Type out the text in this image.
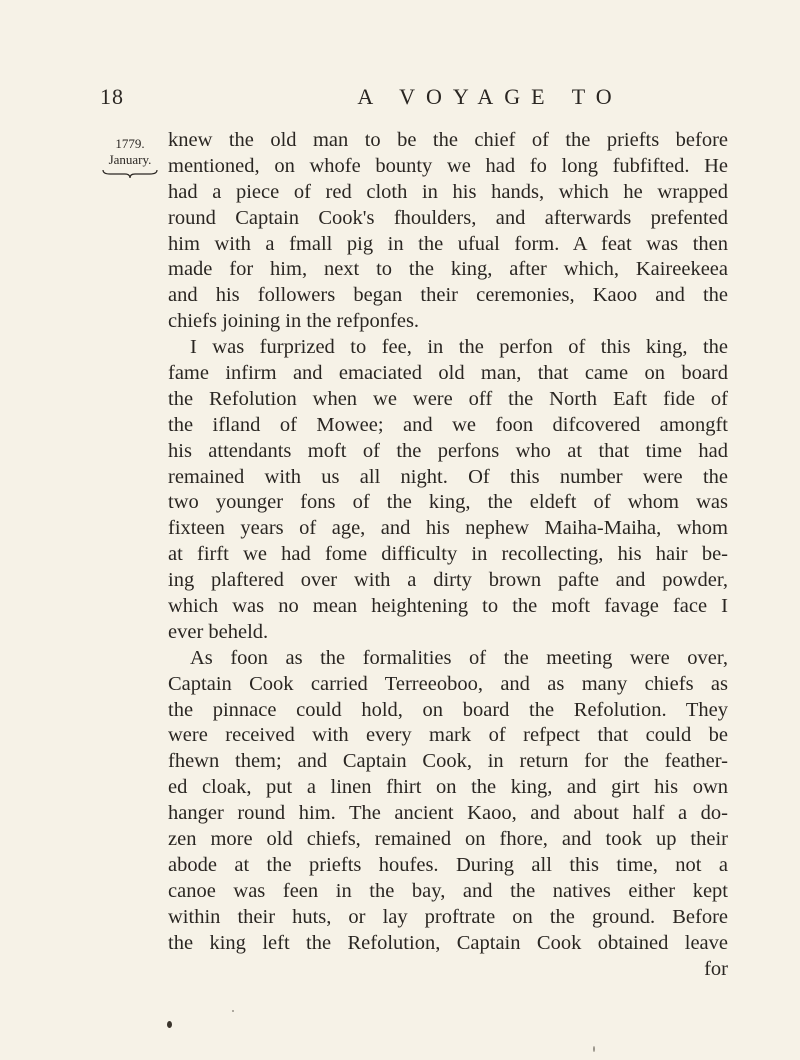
18	A VOYAGE TO
1779.
January.
knew the old man to be the chief of the priefts before
mentioned, on whofe bounty we had fo long fubfifted. He
had a piece of red cloth in his hands, which he wrapped
round Captain Cook's fhoulders, and afterwards prefented
him with a fmall pig in the ufual form. A feat was then
made for him, next to the king, after which, Kaireekeea
and his followers began their ceremonies, Kaoo and the
chiefs joining in the refponfes.
I was furprized to fee, in the perfon of this king, the
fame infirm and emaciated old man, that came on board
the Refolution when we were off the North Eaft fide of
the ifland of Mowee; and we foon difcovered amongft
his attendants moft of the perfons who at that time had
remained with us all night. Of this number were the
two younger fons of the king, the eldeft of whom was
fixteen years of age, and his nephew Maiha-Maiha, whom
at firft we had fome difficulty in recollecting, his hair be-
ing plaftered over with a dirty brown pafte and powder,
which was no mean heightening to the moft favage face I
ever beheld.
As foon as the formalities of the meeting were over,
Captain Cook carried Terreeoboo, and as many chiefs as
the pinnace could hold, on board the Refolution. They
were received with every mark of refpect that could be
fhewn them; and Captain Cook, in return for the feather-
ed cloak, put a linen fhirt on the king, and girt his own
hanger round him. The ancient Kaoo, and about half a do-
zen more old chiefs, remained on fhore, and took up their
abode at the priefts houfes. During all this time, not a
canoe was feen in the bay, and the natives either kept
within their huts, or lay proftrate on the ground. Before
the king left the Refolution, Captain Cook obtained leave
for
